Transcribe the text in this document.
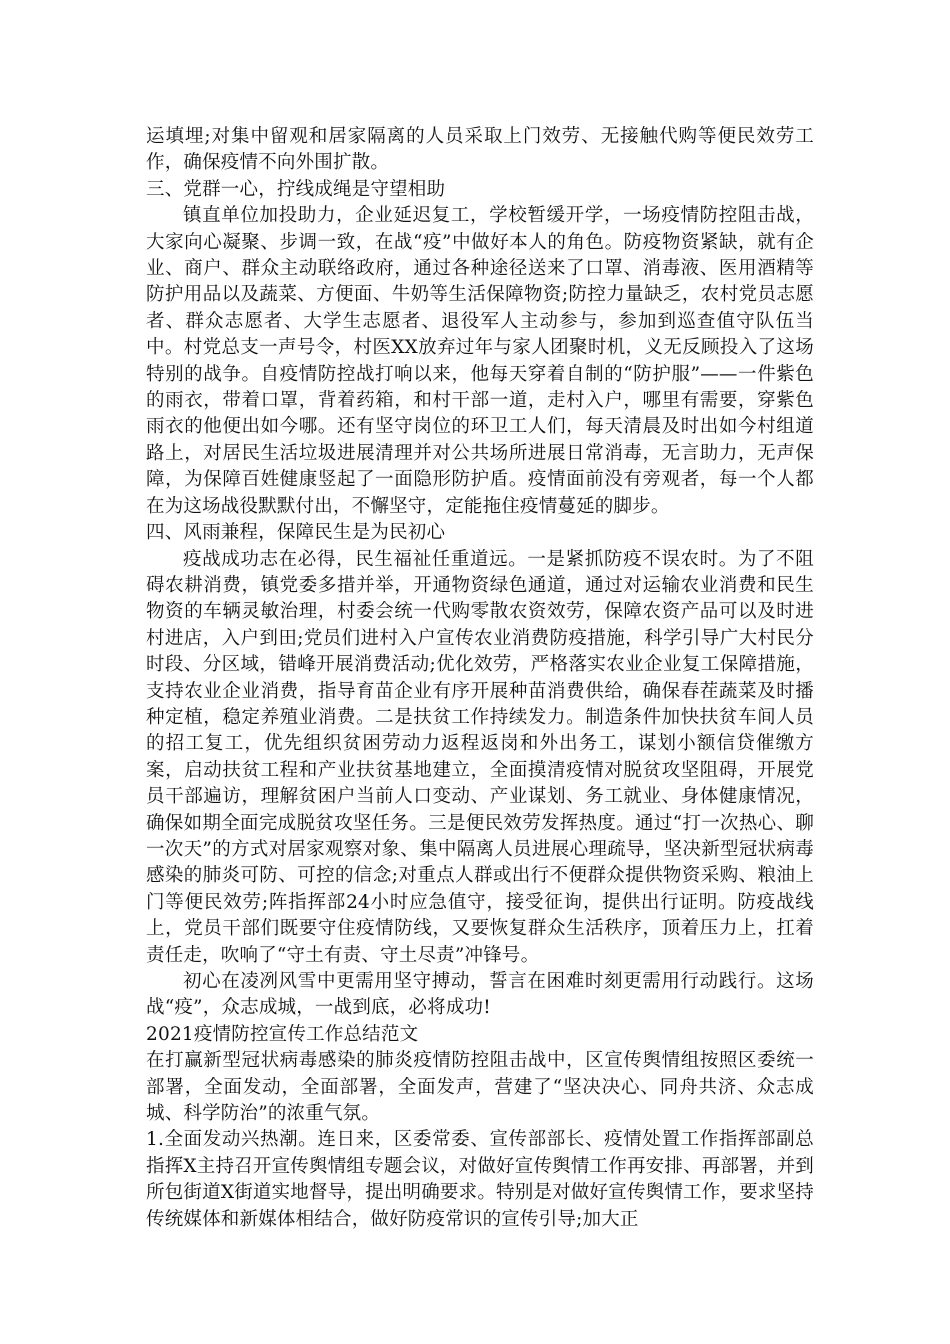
运填埋;对集中留观和居家隔离的人员采取上门效劳、无接触代购等便民效劳工作，确保疫情不向外围扩散。

三、党群一心，拧线成绳是守望相助

镇直单位加投助力，企业延迟复工，学校暂缓开学，一场疫情防控阻击战，大家向心凝聚、步调一致，在战“疫”中做好本人的角色。防疫物资紧缺，就有企业、商户、群众主动联络政府，通过各种途径送来了口罩、消毒液、医用酒精等防护用品以及蔬菜、方便面、牛奶等生活保障物资;防控力量缺乏，农村党员志愿者、群众志愿者、大学生志愿者、退役军人主动参与，参加到巡查值守队伍当中。村党总支一声号令，村医XX放弃过年与家人团聚时机，义无反顾投入了这场特别的战争。自疫情防控战打响以来，他每天穿着自制的“防护服”——一件紫色的雨衣，带着口罩，背着药箱，和村干部一道，走村入户，哪里有需要，穿紫色雨衣的他便出如今哪。还有坚守岗位的环卫工人们，每天清晨及时出如今村组道路上，对居民生活垃圾进展清理并对公共场所进展日常消毒，无言助力，无声保障，为保障百姓健康竖起了一面隐形防护盾。疫情面前没有旁观者，每一个人都在为这场战役默默付出，不懈坚守，定能拖住疫情蔓延的脚步。

四、风雨兼程，保障民生是为民初心

疫战成功志在必得，民生福祉任重道远。一是紧抓防疫不误农时。为了不阻碍农耕消费，镇党委多措并举，开通物资绿色通道，通过对运输农业消费和民生物资的车辆灵敏治理，村委会统一代购零散农资效劳，保障农资产品可以及时进村进店，入户到田;党员们进村入户宣传农业消费防疫措施，科学引导广大村民分时段、分区域，错峰开展消费活动;优化效劳，严格落实农业企业复工保障措施，支持农业企业消费，指导育苗企业有序开展种苗消费供给，确保春茬蔬菜及时播种定植，稳定养殖业消费。二是扶贫工作持续发力。制造条件加快扶贫车间人员的招工复工，优先组织贫困劳动力返程返岗和外出务工，谋划小额信贷催缴方案，启动扶贫工程和产业扶贫基地建立，全面摸清疫情对脱贫攻坚阻碍，开展党员干部遍访，理解贫困户当前人口变动、产业谋划、务工就业、身体健康情况，确保如期全面完成脱贫攻坚任务。三是便民效劳发挥热度。通过“打一次热心、聊一次天”的方式对居家观察对象、集中隔离人员进展心理疏导，坚决新型冠状病毒感染的肺炎可防、可控的信念;对重点人群或出行不便群众提供物资采购、粮油上门等便民效劳;阵指挥部24小时应急值守，接受征询，提供出行证明。防疫战线上，党员干部们既要守住疫情防线，又要恢复群众生活秩序，顶着压力上，扛着责任走，吹响了“守土有责、守土尽责”冲锋号。

初心在凌冽风雪中更需用坚守搏动，誓言在困难时刻更需用行动践行。这场战“疫”，众志成城，一战到底，必将成功!

2021疫情防控宣传工作总结范文

在打赢新型冠状病毒感染的肺炎疫情防控阻击战中，区宣传舆情组按照区委统一部署，全面发动，全面部署，全面发声，营建了“坚决决心、同舟共济、众志成城、科学防治”的浓重气氛。

1.全面发动兴热潮。连日来，区委常委、宣传部部长、疫情处置工作指挥部副总指挥X主持召开宣传舆情组专题会议，对做好宣传舆情工作再安排、再部署，并到所包街道X街道实地督导，提出明确要求。特别是对做好宣传舆情工作，要求坚持传统媒体和新媒体相结合，做好防疫常识的宣传引导;加大正
